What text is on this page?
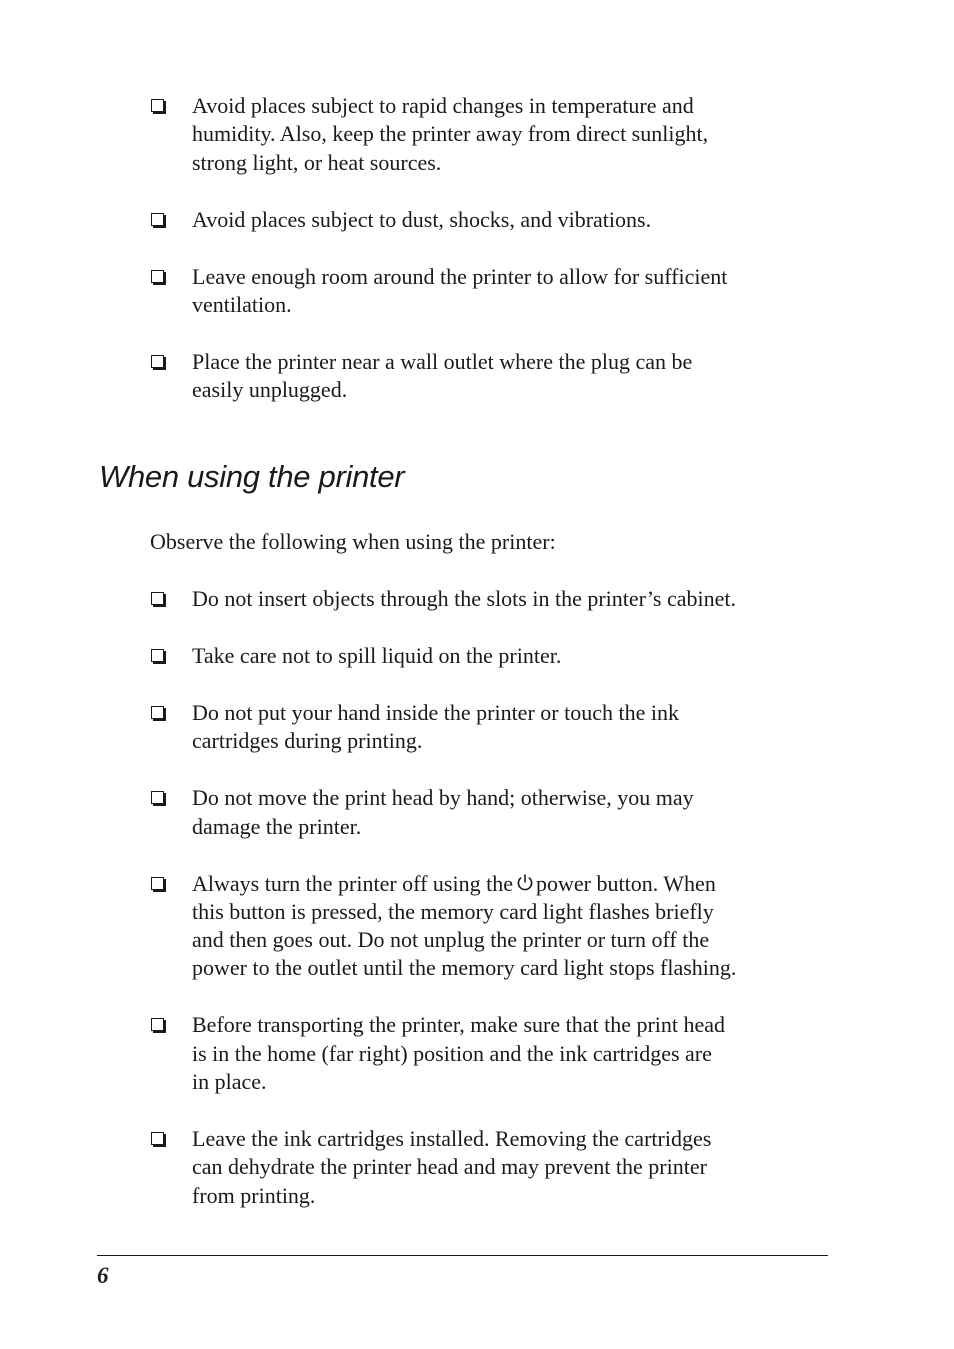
Avoid places subject to rapid changes in temperature and
humidity. Also, keep the printer away from direct sunlight,
strong light, or heat sources.
Avoid places subject to dust, shocks, and vibrations.
Leave enough room around the printer to allow for sufficient
ventilation.
Place the printer near a wall outlet where the plug can be
easily unplugged.
When using the printer

Observe the following when using the printer:

Do not insert objects through the slots in the printer’s cabinet.
Take care not to spill liquid on the printer.
Do not put your hand inside the printer or touch the ink
cartridges during printing.
Do not move the print head by hand; otherwise, you may
damage the printer.
Always turn the printer off using the power button. When
this button is pressed, the memory card light flashes briefly
and then goes out. Do not unplug the printer or turn off the
power to the outlet until the memory card light stops flashing.
Before transporting the printer, make sure that the print head
is in the home (far right) position and the ink cartridges are
in place.
Leave the ink cartridges installed. Removing the cartridges
can dehydrate the printer head and may prevent the printer
from printing.

6
